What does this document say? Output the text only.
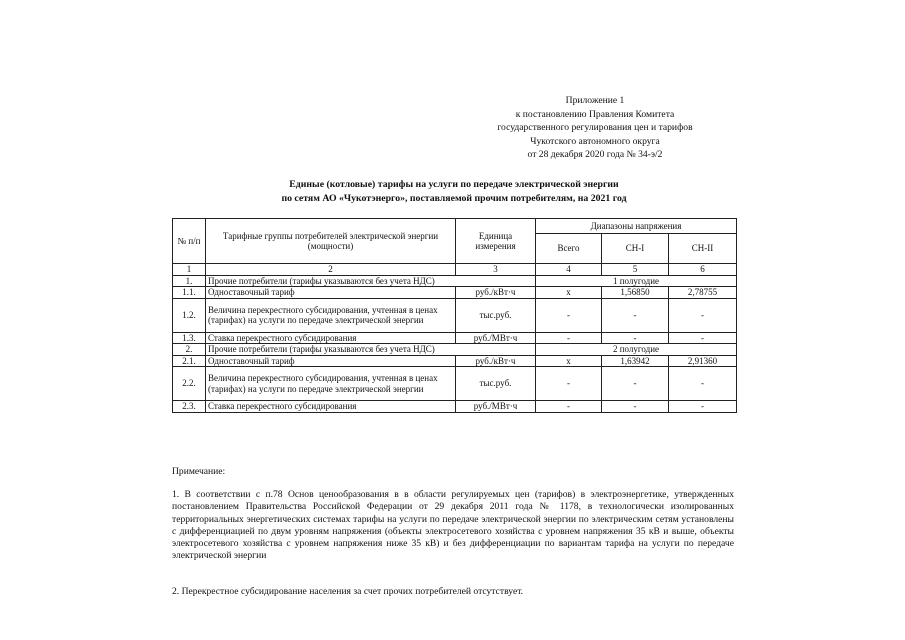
Приложение 1
к постановлению Правления Комитета
государственного регулирования цен и тарифов
Чукотского автономного округа
от 28 декабря 2020 года № 34-э/2
Единые (котловые) тарифы на услуги по передаче электрической энергии
по сетям АО «Чукотэнерго», поставляемой прочим потребителям, на 2021 год
№ п/п	Тарифные группы потребителей электрической энергии (мощности)	Единица измерения	Диапазоны напряжения		
			Всего	СН-I	СН-II
1	2	3	4	5	6
1.	Прочие потребители (тарифы указываются без учета НДС)		1 полугодие		
1.1.	Одноставочный тариф	руб./кВт·ч	x	1,56850	2,78755
1.2.	Величина перекрестного субсидирования, учтенная в ценах (тарифах) на услуги по передаче электрической энергии	тыс.руб.	-	-	-
1.3.	Ставка перекрестного субсидирования	руб./МВт·ч	-	-	-
2.	Прочие потребители (тарифы указываются без учета НДС)		2 полугодие		
2.1.	Одноставочный тариф	руб./кВт·ч	x	1,63942	2,91360
2.2.	Величина перекрестного субсидирования, учтенная в ценах (тарифах) на услуги по передаче электрической энергии	тыс.руб.	-	-	-
2.3.	Ставка перекрестного субсидирования	руб./МВт·ч	-	-	-
Примечание:
1. В соответствии с п.78 Основ ценообразования в в области регулируемых цен (тарифов) в электроэнергетике, утвержденных постановлением Правительства Российской Федерации от 29 декабря 2011 года № 1178, в технологически изолированных территориальных энергетических системах тарифы на услуги по передаче электрической энергии по электрическим сетям установлены с дифференциацией по двум уровням напряжения (объекты электросетевого хозяйства с уровнем напряжения 35 кВ и выше, объекты электросетевого хозяйства с уровнем напряжения ниже 35 кВ) и без дифференциации по вариантам тарифа на услуги по передаче электрической энергии
2. Перекрестное субсидирование населения за счет прочих потребителей отсутствует.
